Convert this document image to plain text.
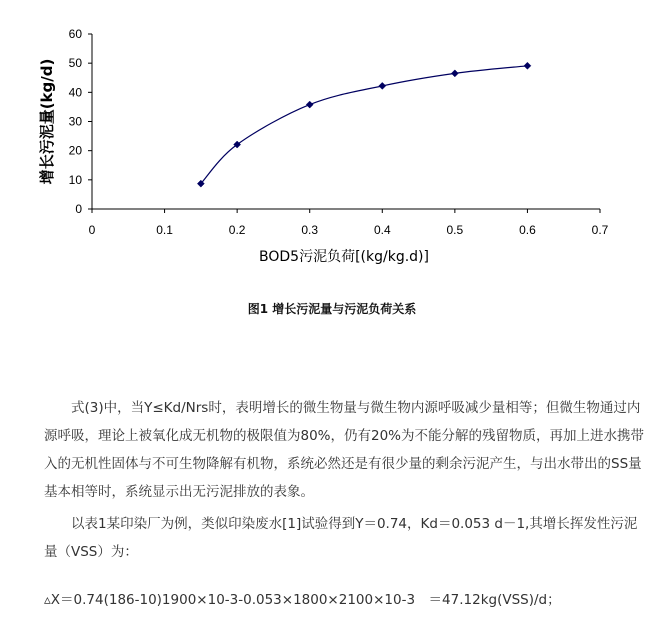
0
10
20
30
40
50
60
0	0.1	0.2	0.3	0.4	0.5	0.6	0.7
BOD5污泥负荷[(kg/kg.d)]
增长污泥量(kg/d)
图1 增长污泥量与污泥负荷关系
式(3)中，当Y≤Kd/Nrs时，表明增长的微生物量与微生物内源呼吸减少量相等；但微生物通过内源呼吸，理论上被氧化成无机物的极限值为80%，仍有20%为不能分解的残留物质，再加上进水携带入的无机性固体与不可生物降解有机物，系统必然还是有很少量的剩余污泥产生，与出水带出的SS量基本相等时，系统显示出无污泥排放的表象。
以表1某印染厂为例，类似印染废水[1]试验得到Y＝0.74，Kd＝0.053 d－1,其增长挥发性污泥量（VSS）为：
▵X＝0.74(186-10)1900×10-3-0.053×1800×2100×10-3　＝47.12kg(VSS)/d；
